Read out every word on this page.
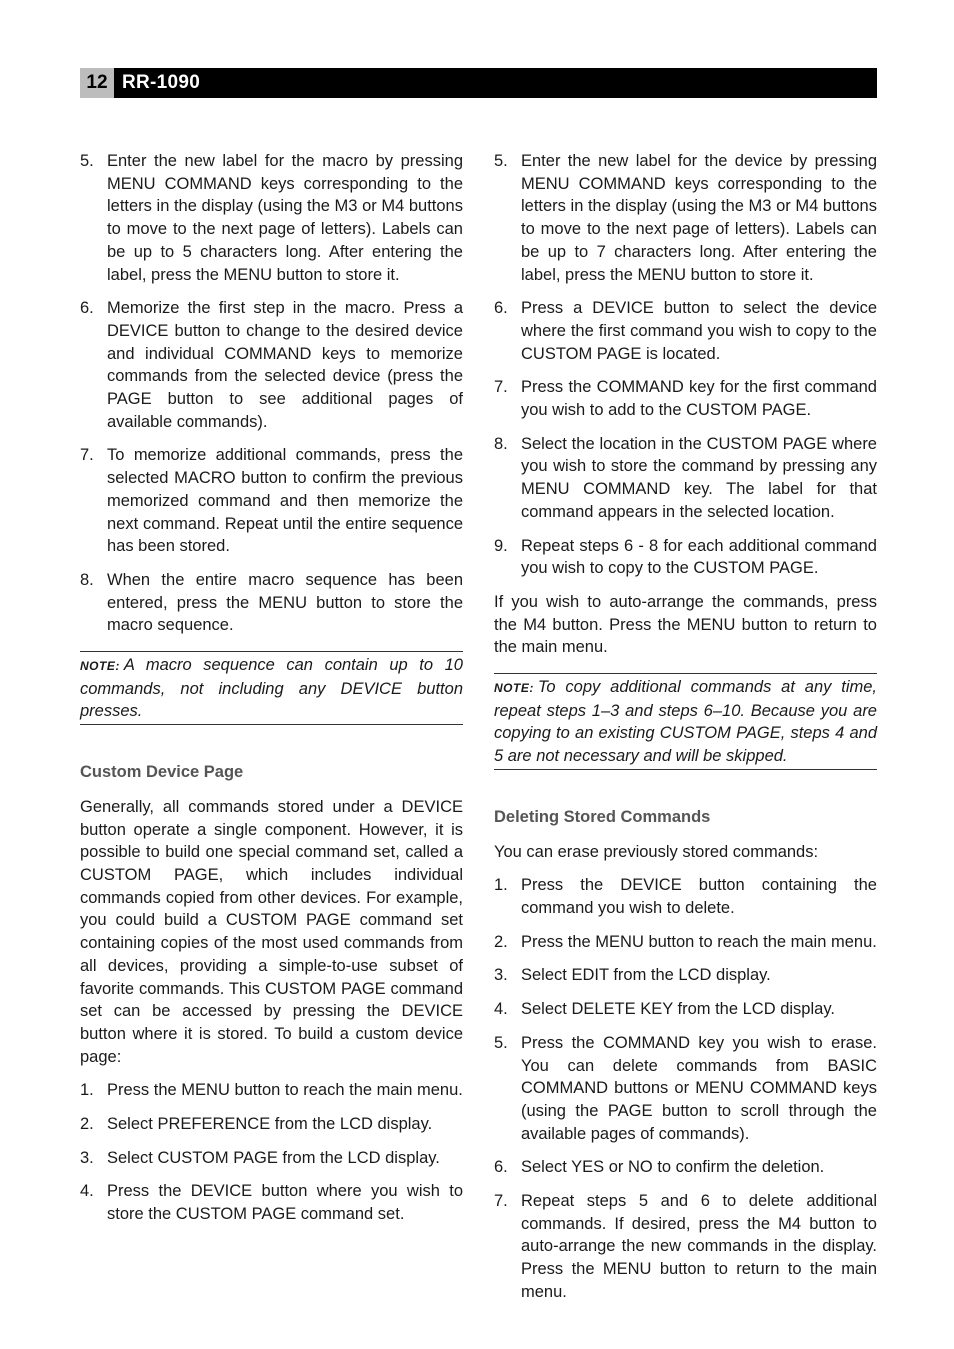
12 RR-1090
5. Enter the new label for the macro by pressing MENU COMMAND keys corresponding to the letters in the display (using the M3 or M4 buttons to move to the next page of letters). Labels can be up to 5 characters long. After entering the label, press the MENU button to store it.
6. Memorize the first step in the macro. Press a DEVICE button to change to the desired device and individual COMMAND keys to memorize commands from the selected device (press the PAGE button to see additional pages of available commands).
7. To memorize additional commands, press the selected MACRO button to confirm the previous memorized command and then memorize the next command. Repeat until the entire sequence has been stored.
8. When the entire macro sequence has been entered, press the MENU button to store the macro sequence.
NOTE: A macro sequence can contain up to 10 commands, not including any DEVICE button presses.
Custom Device Page

Generally, all commands stored under a DEVICE button operate a single component. However, it is possible to build one special command set, called a CUSTOM PAGE, which includes individual commands copied from other devices. For example, you could build a CUSTOM PAGE command set containing copies of the most used commands from all devices, providing a simple-to-use subset of favorite commands. This CUSTOM PAGE command set can be accessed by pressing the DEVICE button where it is stored. To build a custom device page:

1. Press the MENU button to reach the main menu.
2. Select PREFERENCE from the LCD display.
3. Select CUSTOM PAGE from the LCD display.
4. Press the DEVICE button where you wish to store the CUSTOM PAGE command set.
5. Enter the new label for the device by pressing MENU COMMAND keys corresponding to the letters in the display (using the M3 or M4 buttons to move to the next page of letters). Labels can be up to 7 characters long. After entering the label, press the MENU button to store it.
6. Press a DEVICE button to select the device where the first command you wish to copy to the CUSTOM PAGE is located.
7. Press the COMMAND key for the first command you wish to add to the CUSTOM PAGE.
8. Select the location in the CUSTOM PAGE where you wish to store the command by pressing any MENU COMMAND key. The label for that command appears in the selected location.
9. Repeat steps 6 - 8 for each additional command you wish to copy to the CUSTOM PAGE.

If you wish to auto-arrange the commands, press the M4 button. Press the MENU button to return to the main menu.

NOTE: To copy additional commands at any time, repeat steps 1–3 and steps 6–10. Because you are copying to an existing CUSTOM PAGE, steps 4 and 5 are not necessary and will be skipped.
Deleting Stored Commands

You can erase previously stored commands:

1. Press the DEVICE button containing the command you wish to delete.
2. Press the MENU button to reach the main menu.
3. Select EDIT from the LCD display.
4. Select DELETE KEY from the LCD display.
5. Press the COMMAND key you wish to erase. You can delete commands from BASIC COMMAND buttons or MENU COMMAND keys (using the PAGE button to scroll through the available pages of commands).
6. Select YES or NO to confirm the deletion.
7. Repeat steps 5 and 6 to delete additional commands. If desired, press the M4 button to auto-arrange the new commands in the display. Press the MENU button to return to the main menu.
